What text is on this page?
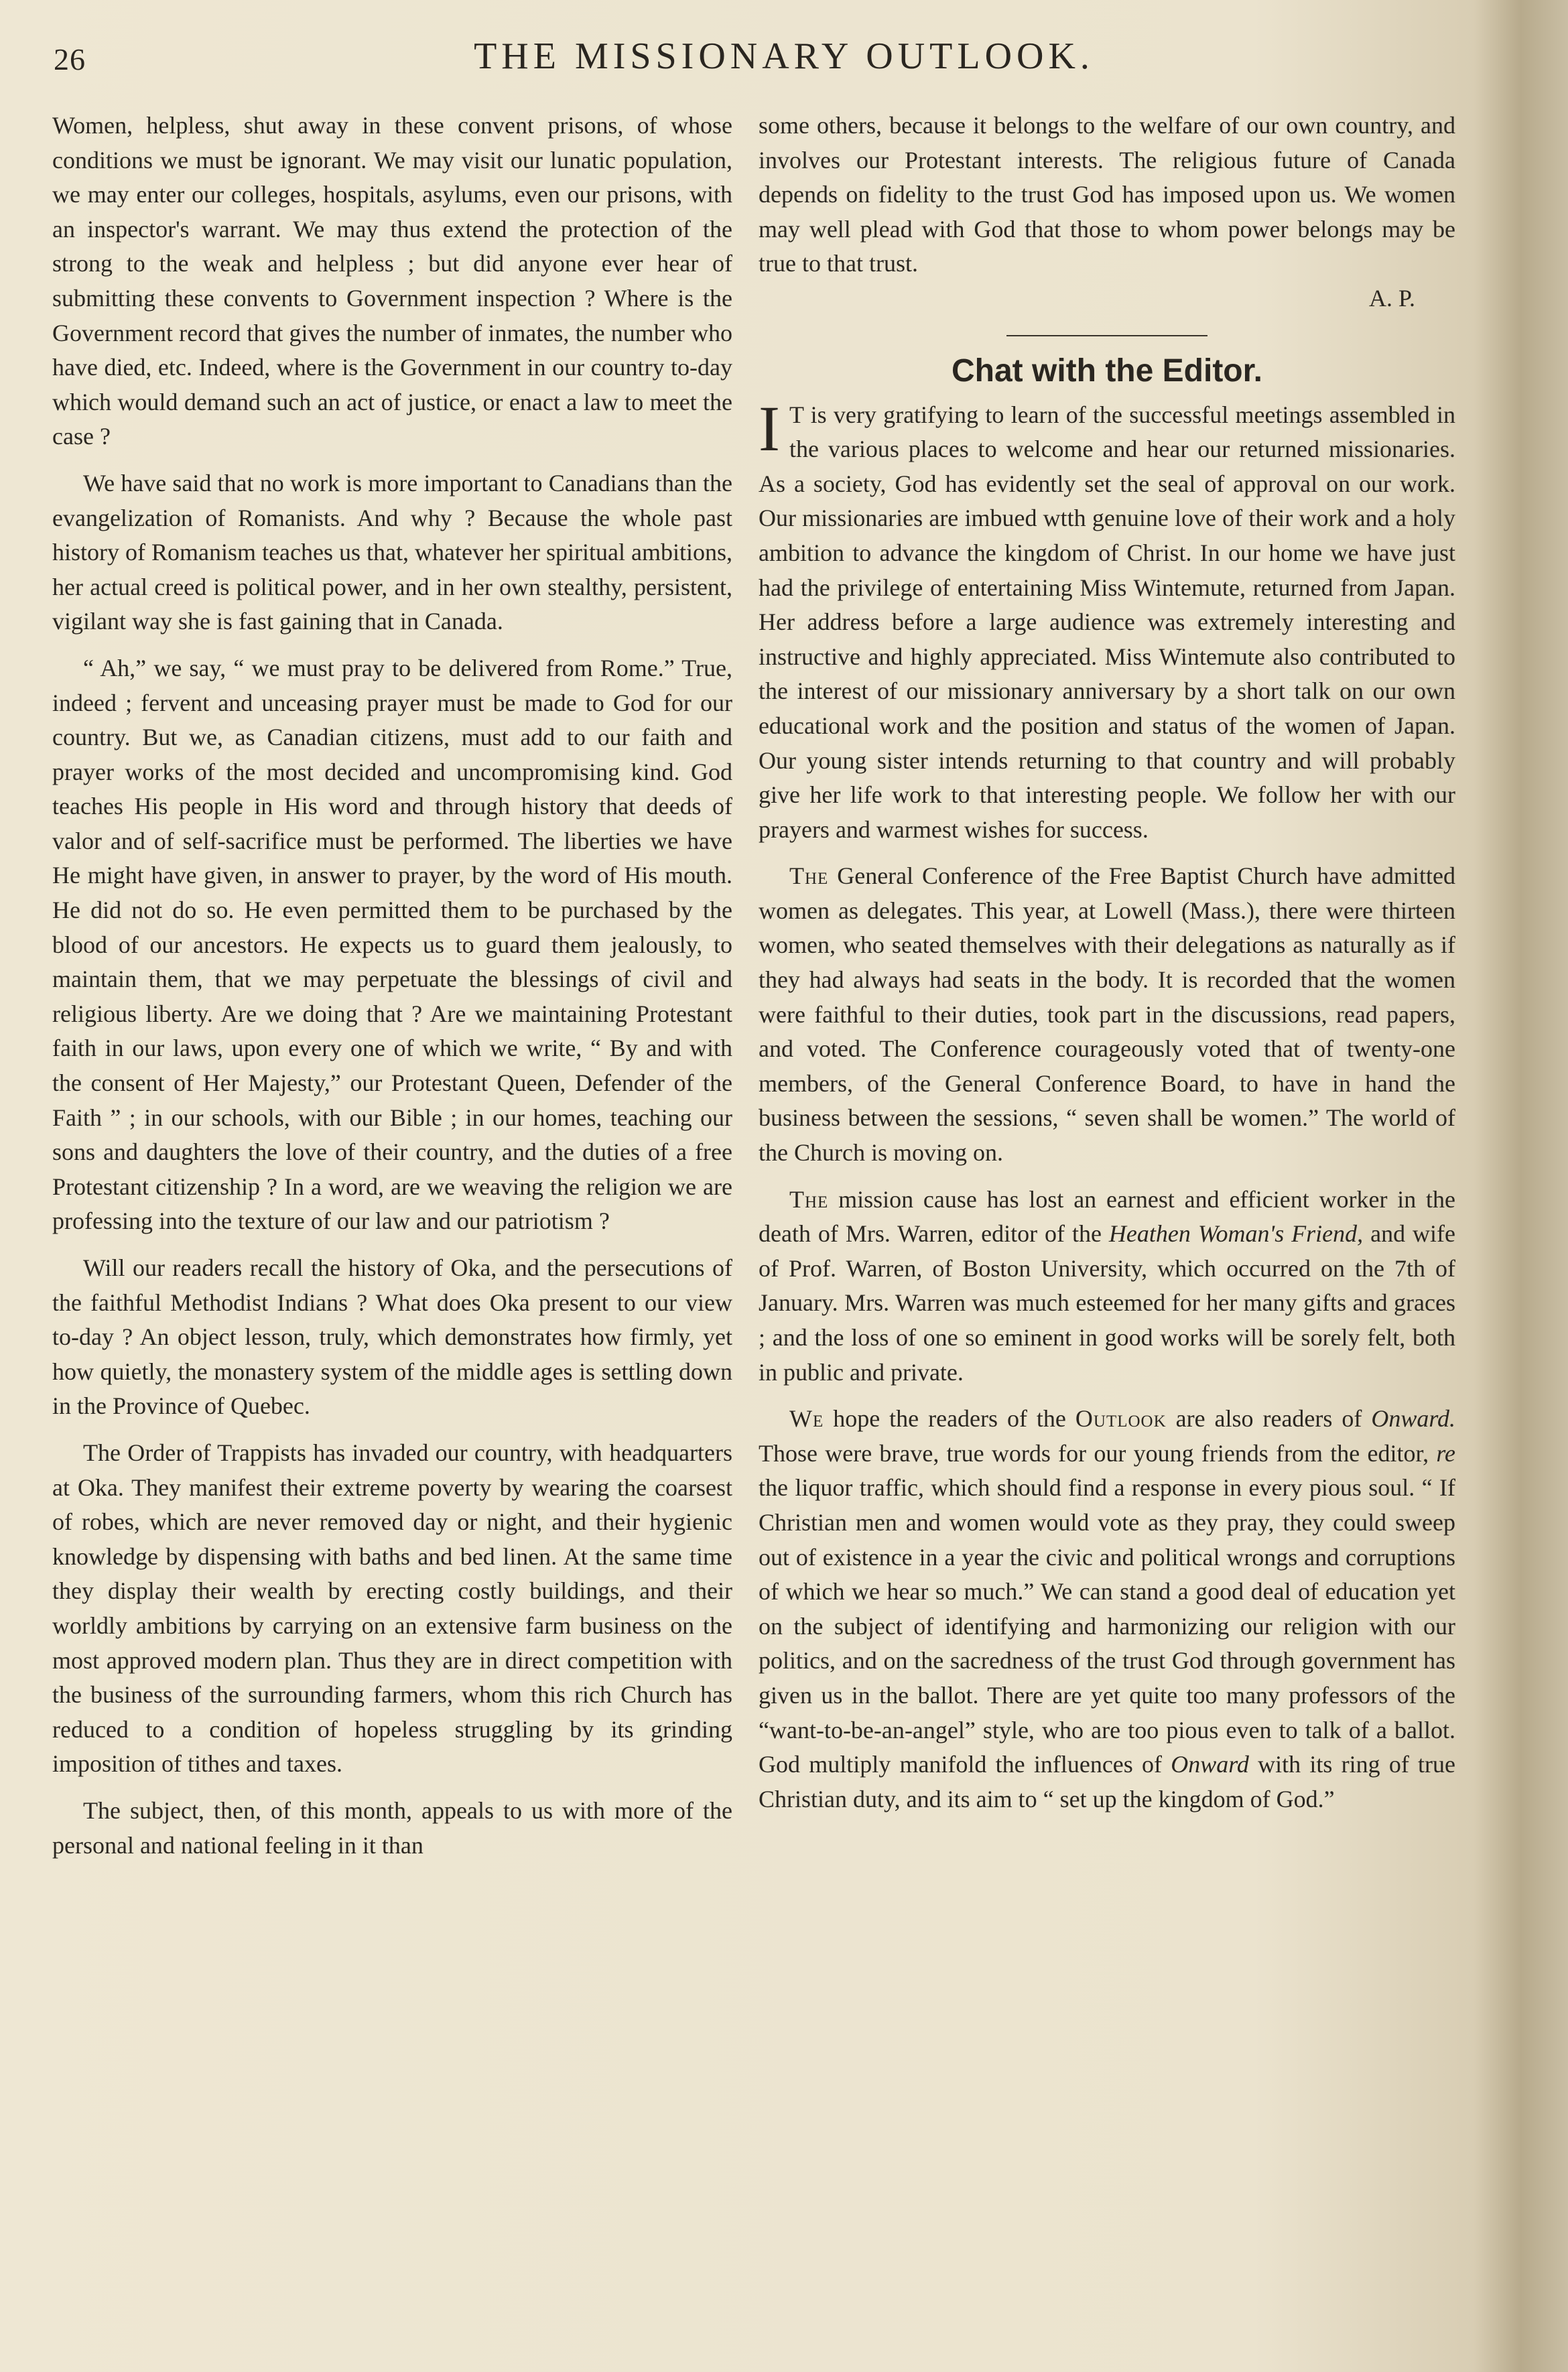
26	THE MISSIONARY OUTLOOK.

Women, helpless, shut away in these convent prisons, of whose conditions we must be ignorant. We may visit our lunatic population, we may enter our colleges, hospitals, asylums, even our prisons, with an inspector's warrant. We may thus extend the protection of the strong to the weak and helpless ; but did anyone ever hear of submitting these convents to Government inspection ? Where is the Government record that gives the number of inmates, the number who have died, etc. Indeed, where is the Government in our country to-day which would demand such an act of justice, or enact a law to meet the case ?

We have said that no work is more important to Canadians than the evangelization of Romanists. And why ? Because the whole past history of Romanism teaches us that, whatever her spiritual ambitions, her actual creed is political power, and in her own stealthy, persistent, vigilant way she is fast gaining that in Canada.

“ Ah,” we say, “ we must pray to be delivered from Rome.” True, indeed ; fervent and unceasing prayer must be made to God for our country. But we, as Canadian citizens, must add to our faith and prayer works of the most decided and uncompromising kind. God teaches His people in His word and through history that deeds of valor and of self-sacrifice must be performed. The liberties we have He might have given, in answer to prayer, by the word of His mouth. He did not do so. He even permitted them to be purchased by the blood of our ancestors. He expects us to guard them jealously, to maintain them, that we may perpetuate the blessings of civil and religious liberty. Are we doing that ? Are we maintaining Protestant faith in our laws, upon every one of which we write, “ By and with the consent of Her Majesty,” our Protestant Queen, Defender of the Faith ” ; in our schools, with our Bible ; in our homes, teaching our sons and daughters the love of their country, and the duties of a free Protestant citizenship ? In a word, are we weaving the religion we are professing into the texture of our law and our patriotism ?

Will our readers recall the history of Oka, and the persecutions of the faithful Methodist Indians ? What does Oka present to our view to-day ? An object lesson, truly, which demonstrates how firmly, yet how quietly, the monastery system of the middle ages is settling down in the Province of Quebec.

The Order of Trappists has invaded our country, with headquarters at Oka. They manifest their extreme poverty by wearing the coarsest of robes, which are never removed day or night, and their hygienic knowledge by dispensing with baths and bed linen. At the same time they display their wealth by erecting costly buildings, and their worldly ambitions by carrying on an extensive farm business on the most approved modern plan. Thus they are in direct competition with the business of the surrounding farmers, whom this rich Church has reduced to a condition of hopeless struggling by its grinding imposition of tithes and taxes.

The subject, then, of this month, appeals to us with more of the personal and national feeling in it than

some others, because it belongs to the welfare of our own country, and involves our Protestant interests. The religious future of Canada depends on fidelity to the trust God has imposed upon us. We women may well plead with God that those to whom power belongs may be true to that trust.
A. P.

Chat with the Editor.

I T is very gratifying to learn of the successful meetings assembled in the various places to welcome and hear our returned missionaries. As a society, God has evidently set the seal of approval on our work. Our missionaries are imbued wtth genuine love of their work and a holy ambition to advance the kingdom of Christ. In our home we have just had the privilege of entertaining Miss Wintemute, returned from Japan. Her address before a large audience was extremely interesting and instructive and highly appreciated. Miss Wintemute also contributed to the interest of our missionary anniversary by a short talk on our own educational work and the position and status of the women of Japan. Our young sister intends returning to that country and will probably give her life work to that interesting people. We follow her with our prayers and warmest wishes for success.

The General Conference of the Free Baptist Church have admitted women as delegates. This year, at Lowell (Mass.), there were thirteen women, who seated themselves with their delegations as naturally as if they had always had seats in the body. It is recorded that the women were faithful to their duties, took part in the discussions, read papers, and voted. The Conference courageously voted that of twenty-one members, of the General Conference Board, to have in hand the business between the sessions, “ seven shall be women.” The world of the Church is moving on.

The mission cause has lost an earnest and efficient worker in the death of Mrs. Warren, editor of the Heathen Woman's Friend, and wife of Prof. Warren, of Boston University, which occurred on the 7th of January. Mrs. Warren was much esteemed for her many gifts and graces ; and the loss of one so eminent in good works will be sorely felt, both in public and private.

We hope the readers of the Outlook are also readers of Onward. Those were brave, true words for our young friends from the editor, re the liquor traffic, which should find a response in every pious soul. “ If Christian men and women would vote as they pray, they could sweep out of existence in a year the civic and political wrongs and corruptions of which we hear so much.” We can stand a good deal of education yet on the subject of identifying and harmonizing our religion with our politics, and on the sacredness of the trust God through government has given us in the ballot. There are yet quite too many professors of the “want-to-be-an-angel” style, who are too pious even to talk of a ballot. God multiply manifold the influences of Onward with its ring of true Christian duty, and its aim to “ set up the kingdom of God.”
